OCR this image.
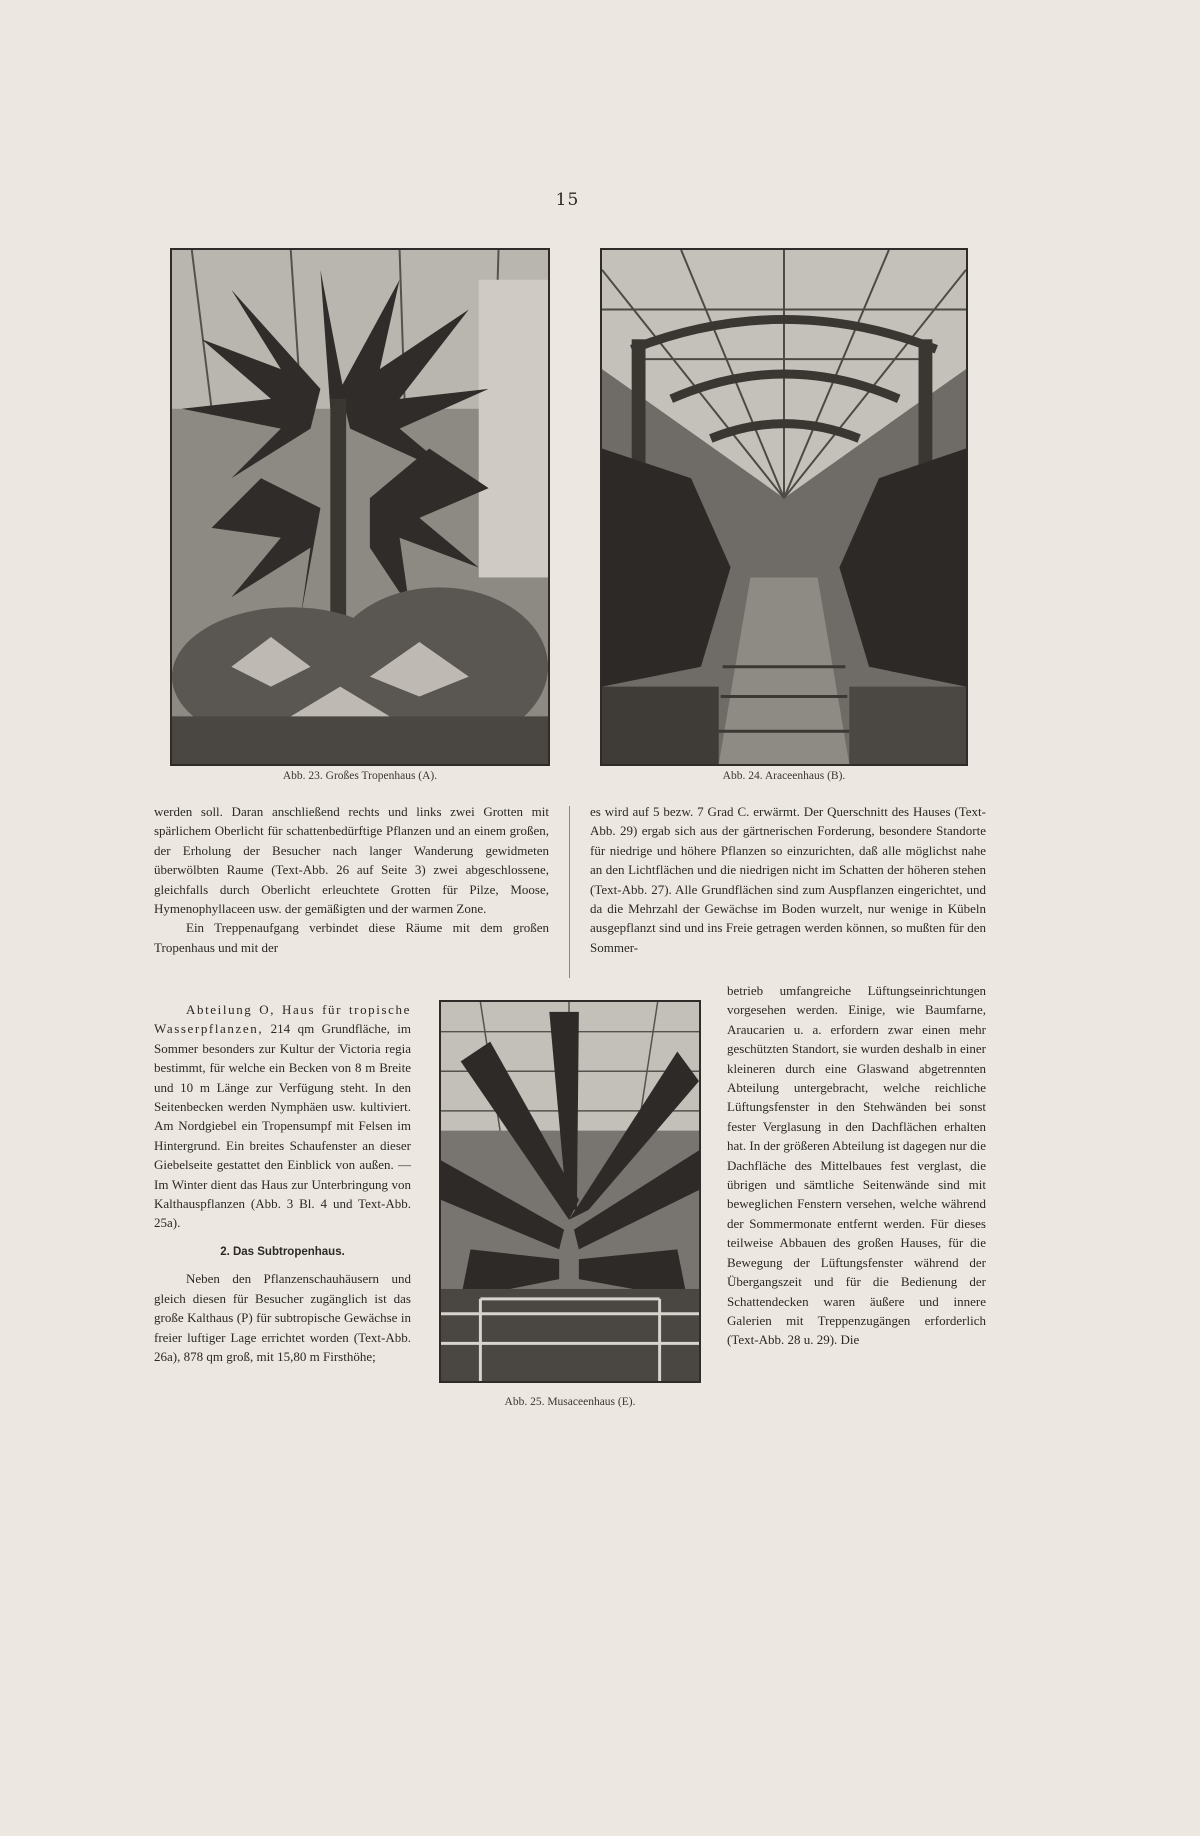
15
Abb. 23. Großes Tropenhaus (A).	Abb. 24. Araceenhaus (B).
Abb. 25. Musaceenhaus (E).

werden soll. Daran anschließend rechts und links zwei Grotten mit spärlichem Oberlicht für schattenbedürftige Pflanzen und an einem großen, der Erholung der Besucher nach langer Wanderung gewidmeten überwölbten Raume (Text-Abb. 26 auf Seite 3) zwei abgeschlossene, gleichfalls durch Oberlicht erleuchtete Grotten für Pilze, Moose, Hymenophyllaceen usw. der gemäßigten und der warmen Zone.

Ein Treppenaufgang verbindet diese Räume mit dem großen Tropenhaus und mit der

Abteilung O, Haus für tropische Wasserpflanzen, 214 qm Grundfläche, im Sommer besonders zur Kultur der Victoria regia bestimmt, für welche ein Becken von 8 m Breite und 10 m Länge zur Verfügung steht. In den Seitenbecken werden Nymphäen usw. kultiviert. Am Nordgiebel ein Tropensumpf mit Felsen im Hintergrund. Ein breites Schaufenster an dieser Giebelseite gestattet den Einblick von außen. — Im Winter dient das Haus zur Unterbringung von Kalthauspflanzen (Abb. 3 Bl. 4 und Text-Abb. 25a).

2. Das Subtropenhaus.

Neben den Pflanzenschauhäusern und gleich diesen für Besucher zugänglich ist das große Kalthaus (P) für subtropische Gewächse in freier luftiger Lage errichtet worden (Text-Abb. 26a), 878 qm groß, mit 15,80 m Firsthöhe;

es wird auf 5 bezw. 7 Grad C. erwärmt. Der Querschnitt des Hauses (Text-Abb. 29) ergab sich aus der gärtnerischen Forderung, besondere Standorte für niedrige und höhere Pflanzen so einzurichten, daß alle möglichst nahe an den Lichtflächen und die niedrigen nicht im Schatten der höheren stehen (Text-Abb. 27). Alle Grundflächen sind zum Auspflanzen eingerichtet, und da die Mehrzahl der Gewächse im Boden wurzelt, nur wenige in Kübeln ausgepflanzt sind und ins Freie getragen werden können, so mußten für den Sommer-

betrieb umfangreiche Lüftungseinrichtungen vorgesehen werden. Einige, wie Baumfarne, Araucarien u. a. erfordern zwar einen mehr geschützten Standort, sie wurden deshalb in einer kleineren durch eine Glaswand abgetrennten Abteilung untergebracht, welche reichliche Lüftungsfenster in den Stehwänden bei sonst fester Verglasung in den Dachflächen erhalten hat. In der größeren Abteilung ist dagegen nur die Dachfläche des Mittelbaues fest verglast, die übrigen und sämtliche Seitenwände sind mit beweglichen Fenstern versehen, welche während der Sommermonate entfernt werden. Für dieses teilweise Abbauen des großen Hauses, für die Bewegung der Lüftungsfenster während der Übergangszeit und für die Bedienung der Schattendecken waren äußere und innere Galerien mit Treppenzugängen erforderlich (Text-Abb. 28 u. 29). Die
